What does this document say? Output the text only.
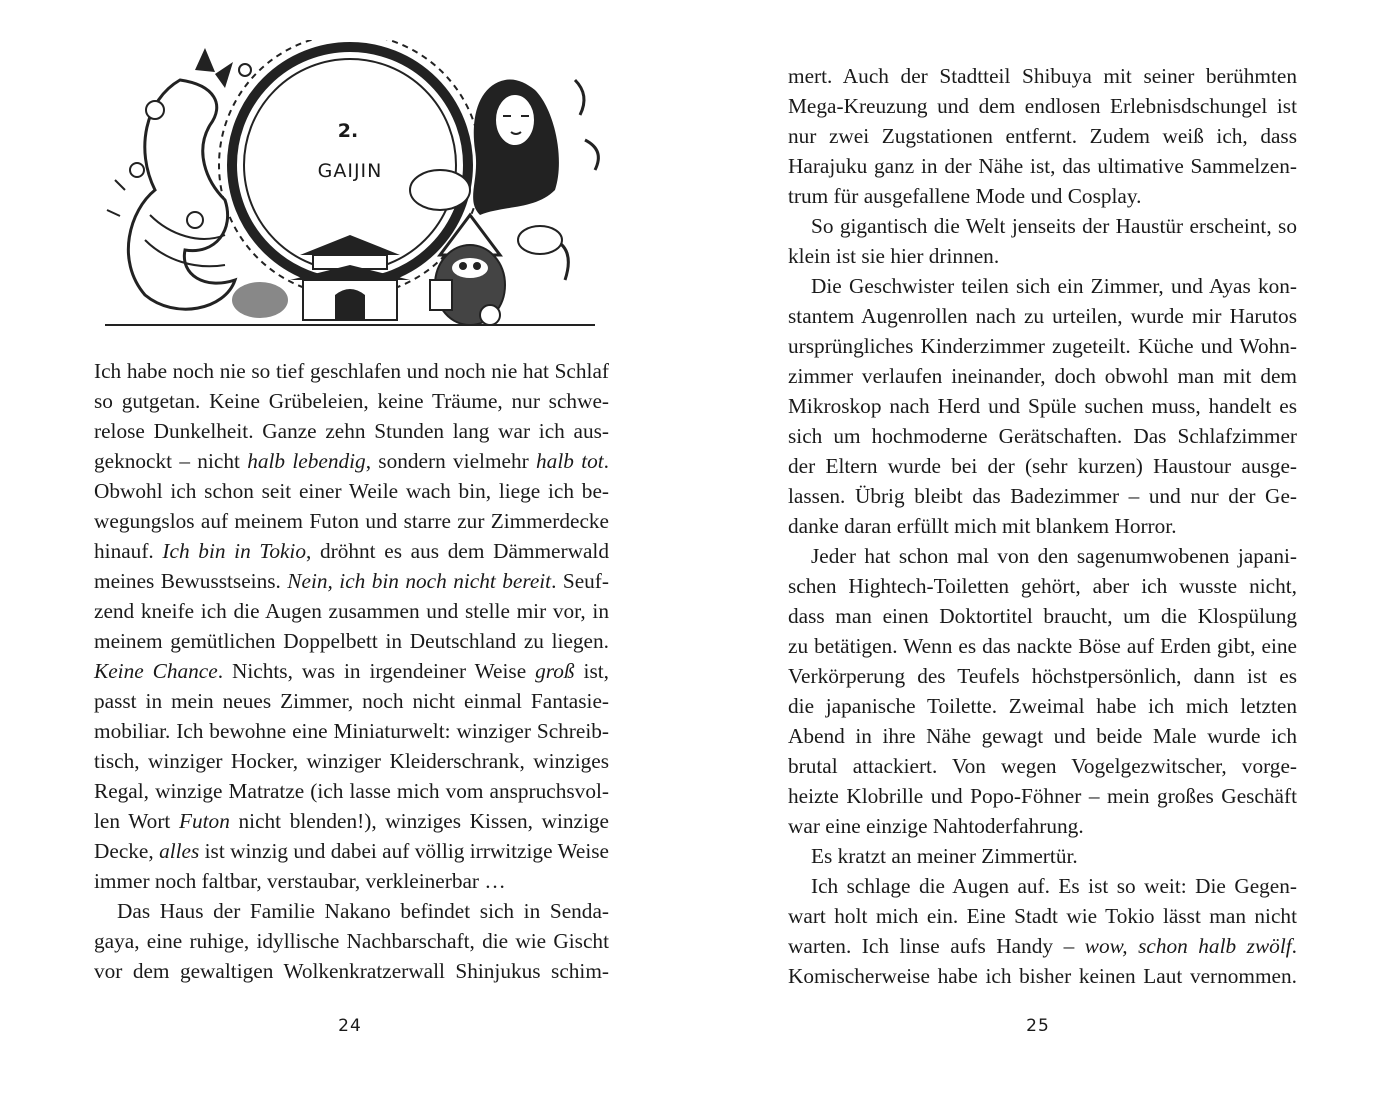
2.
GAIJIN
Ich habe noch nie so tief geschlafen und noch nie hat Schlaf
so gutgetan. Keine Grübeleien, keine Träume, nur schwe-
relose Dunkelheit. Ganze zehn Stunden lang war ich aus-
geknockt – nicht halb lebendig, sondern vielmehr halb tot.
Obwohl ich schon seit einer Weile wach bin, liege ich be-
wegungslos auf meinem Futon und starre zur Zimmerdecke
hinauf. Ich bin in Tokio, dröhnt es aus dem Dämmerwald
meines Bewusstseins. Nein, ich bin noch nicht bereit. Seuf-
zend kneife ich die Augen zusammen und stelle mir vor, in
meinem gemütlichen Doppelbett in Deutschland zu liegen.
Keine Chance. Nichts, was in irgendeiner Weise groß ist,
passt in mein neues Zimmer, noch nicht einmal Fantasie-
mobiliar. Ich bewohne eine Miniaturwelt: winziger Schreib-
tisch, winziger Hocker, winziger Kleiderschrank, winziges
Regal, winzige Matratze (ich lasse mich vom anspruchsvol-
len Wort Futon nicht blenden!), winziges Kissen, winzige
Decke, alles ist winzig und dabei auf völlig irrwitzige Weise
immer noch faltbar, verstaubar, verkleinerbar …
Das Haus der Familie Nakano befindet sich in Senda-
gaya, eine ruhige, idyllische Nachbarschaft, die wie Gischt
vor dem gewaltigen Wolkenkratzerwall Shinjukus schim-
24
mert. Auch der Stadtteil Shibuya mit seiner berühmten
Mega-Kreuzung und dem endlosen Erlebnisdschungel ist
nur zwei Zugstationen entfernt. Zudem weiß ich, dass
Harajuku ganz in der Nähe ist, das ultimative Sammelzen-
trum für ausgefallene Mode und Cosplay.
So gigantisch die Welt jenseits der Haustür erscheint, so
klein ist sie hier drinnen.
Die Geschwister teilen sich ein Zimmer, und Ayas kon-
stantem Augenrollen nach zu urteilen, wurde mir Harutos
ursprüngliches Kinderzimmer zugeteilt. Küche und Wohn-
zimmer verlaufen ineinander, doch obwohl man mit dem
Mikroskop nach Herd und Spüle suchen muss, handelt es
sich um hochmoderne Gerätschaften. Das Schlafzimmer
der Eltern wurde bei der (sehr kurzen) Haustour ausge-
lassen. Übrig bleibt das Badezimmer – und nur der Ge-
danke daran erfüllt mich mit blankem Horror.
Jeder hat schon mal von den sagenumwobenen japani-
schen Hightech-Toiletten gehört, aber ich wusste nicht,
dass man einen Doktortitel braucht, um die Klospülung
zu betätigen. Wenn es das nackte Böse auf Erden gibt, eine
Verkörperung des Teufels höchstpersönlich, dann ist es
die japanische Toilette. Zweimal habe ich mich letzten
Abend in ihre Nähe gewagt und beide Male wurde ich
brutal attackiert. Von wegen Vogelgezwitscher, vorge-
heizte Klobrille und Popo-Föhner – mein großes Geschäft
war eine einzige Nahtoderfahrung.
Es kratzt an meiner Zimmertür.
Ich schlage die Augen auf. Es ist so weit: Die Gegen-
wart holt mich ein. Eine Stadt wie Tokio lässt man nicht
warten. Ich linse aufs Handy – wow, schon halb zwölf.
Komischerweise habe ich bisher keinen Laut vernommen.
25
